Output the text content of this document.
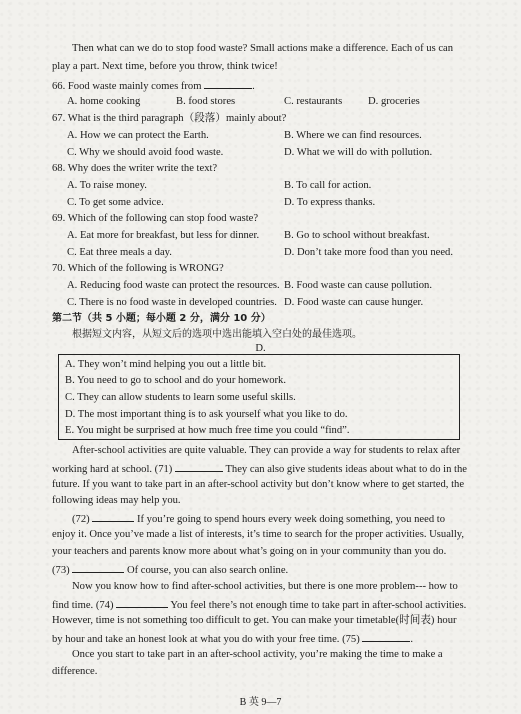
Then what can we do to stop food waste? Small actions make a difference. Each of us can
play a part. Next time, before you throw, think twice!
66. Food waste mainly comes from	.
A. home cooking	B. food stores	C. restaurants D. groceries
67. What is the third paragraph（段落）mainly about?
A. How we can protect the Earth.	B. Where we can find resources.
C. Why we should avoid food waste.	D. What we will do with pollution.
68. Why does the writer write the text?
A. To raise money.	B. To call for action.
C. To get some advice.	D. To express thanks.
69. Which of the following can stop food waste?
A. Eat more for breakfast, but less for dinner. B. Go to school without breakfast.
C. Eat three meals a day.	D. Don’t take more food than you need.
70. Which of the following is WRONG?
A. Reducing food waste can protect the resources. B. Food waste can cause pollution.
C. There is no food waste in developed countries. D. Food waste can cause hunger.
第二节（共 5 小题；每小题 2 分，满分 10 分）
根据短文内容，从短文后的选项中选出能填入空白处的最佳选项。
D.
A. They won’t mind helping you out a little bit.
B. You need to go to school and do your homework.
C. They can allow students to learn some useful skills.
D. The most important thing is to ask yourself what you like to do.
E. You might be surprised at how much free time you could “find”.
After-school activities are quite valuable. They can provide a way for students to relax after
working hard at school. (71)	They can also give students ideas about what to do in the
future. If you want to take part in an after-school activity but don’t know where to get started, the
following ideas may help you.
(72)	If you’re going to spend hours every week doing something, you need to
enjoy it. Once you’ve made a list of interests, it’s time to search for the proper activities. Usually,
your teachers and parents know more about what’s going on in your community than you do.
(73)	Of course, you can also search online.
Now you know how to find after-school activities, but there is one more problem--- how to
find time. (74)	You feel there’s not enough time to take part in after-school activities.
However, time is not something too difficult to get. You can make your timetable(时间表) hour
by hour and take an honest look at what you do with your free time. (75)	.
Once you start to take part in an after-school activity, you’re making the time to make a
difference.
B 英 9—7
